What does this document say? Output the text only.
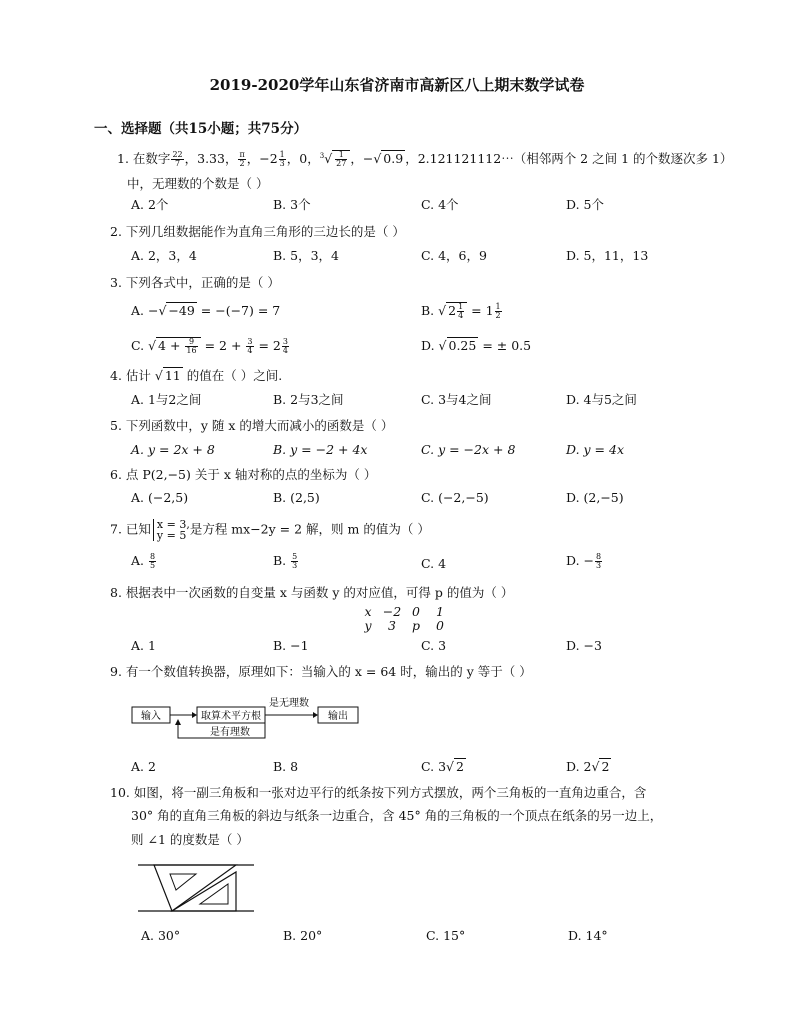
2019-2020学年山东省济南市高新区八上期末数学试卷
一、选择题（共15小题；共75分）
1. 在数字 $\frac{22}{7}$ ，3.33， $\frac{\pi}{2}$ ，$-2 \frac{1}{3}$ ，0，$^3√ \frac{1}{27}$ ，−√ 0.9 ，2.121121112⋯（相邻两个 2 之间 1 的个数逐次多 1）
中，无理数的个数是（ ）
A. 2个	B. 3个	C. 4个	D. 5个
2. 下列几组数据能作为直角三角形的三边长的是（ ）
A. 2，3，4	B. 5，3，4	C. 4，6，9	D. 5，11，13
3. 下列各式中，正确的是（ ）
A. −√ −49 = −(−7) = 7	B. √ $2 \frac{1}{4} = 1 \frac{1}{2}$
C. √ $4 + \frac{9}{16} = 2 + \frac{3}{4} = 2 \frac{3}{4}$	D. √ 0.25 = ± 0.5
4. 估计 √ 11 的值在（ ）之间.
A. 1与2之间	B. 2与3之间	C. 3与4之间	D. 4与5之间
5. 下列函数中，y 随 x 的增大而减小的函数是（ ）
A. y = 2x + 8	B. y = −2 + 4x	C. y = −2x + 8	D. y = 4x
6. 点 P(2,−5) 关于 x 轴对称的点的坐标为（ ）
A. (−2,5)	B. (2,5)	C. (−2,−5)	D. (2,−5)
7. 已知 x = 3,
y = 5 是方程 mx−2y = 2 解，则 m 的值为（ ）
A. $\frac{8}{5}$	B. $\frac{5}{3}$	C. 4	D. − $\frac{8}{3}$
8. 根据表中一次函数的自变量 x 与函数 y 的对应值，可得 p 的值为（ ）
x −2 0 1
y 3 p 0
A. 1	B. −1	C. 3	D. −3
9. 有一个数值转换器，原理如下：当输入的 x = 64 时，输出的 y 等于（ ）
输入	取算术平方根
是无理数
输出
是有理数
A. 2	B. 8	C. 3√ 2	D. 2√ 2
10. 如图，将一副三角板和一张对边平行的纸条按下列方式摆放，两个三角板的一直角边重合，含
30° 角的直角三角板的斜边与纸条一边重合，含 45° 角的三角板的一个顶点在纸条的另一边上，
则 ∠1 的度数是（ ）
A. 30°	B. 20°	C. 15°	D. 14°
